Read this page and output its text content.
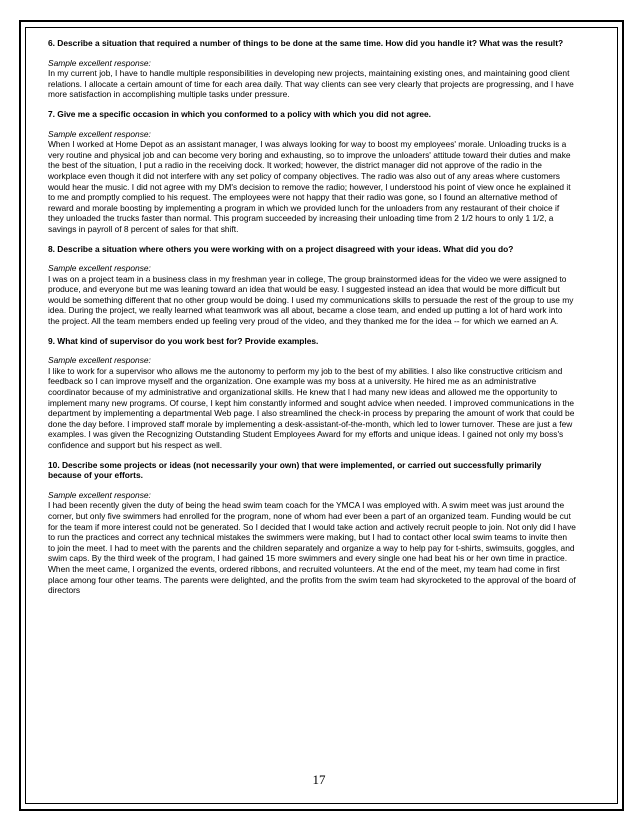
6. Describe a situation that required a number of things to be done at the same time. How did you handle it? What was the result?

Sample excellent response:

In my current job, I have to handle multiple responsibilities in developing new projects, maintaining existing ones, and maintaining good client relations. I allocate a certain amount of time for each area daily. That way clients can see very clearly that projects are progressing, and I have more satisfaction in accomplishing multiple tasks under pressure.

7. Give me a specific occasion in which you conformed to a policy with which you did not agree.

Sample excellent response:

When I worked at Home Depot as an assistant manager, I was always looking for way to boost my employees' morale. Unloading trucks is a very routine and physical job and can become very boring and exhausting, so to improve the unloaders' attitude toward their duties and make the best of the situation, I put a radio in the receiving dock. It worked; however, the district manager did not approve of the radio in the workplace even though it did not interfere with any set policy of company objectives. The radio was also out of any areas where customers would hear the music. I did not agree with my DM's decision to remove the radio; however, I understood his point of view once he explained it to me and promptly complied to his request. The employees were not happy that their radio was gone, so I found an alternative method of reward and morale boosting by implementing a program in which we provided lunch for the unloaders from any restaurant of their choice if they unloaded the trucks faster than normal. This program succeeded by increasing their unloading time from 2 1/2 hours to only 1 1/2, a savings in payroll of 8 percent of sales for that shift.

8. Describe a situation where others you were working with on a project disagreed with your ideas. What did you do?

Sample excellent response:

I was on a project team in a business class in my freshman year in college, The group brainstormed ideas for the video we were assigned to produce, and everyone but me was leaning toward an idea that would be easy. I suggested instead an idea that would be more difficult but would be something different that no other group would be doing. I used my communications skills to persuade the rest of the group to use my idea. During the project, we really learned what teamwork was all about, became a close team, and ended up putting a lot of hard work into the project. All the team members ended up feeling very proud of the video, and they thanked me for the idea -- for which we earned an A.

9. What kind of supervisor do you work best for? Provide examples.

Sample excellent response:

I like to work for a supervisor who allows me the autonomy to perform my job to the best of my abilities. I also like constructive criticism and feedback so I can improve myself and the organization. One example was my boss at a university. He hired me as an administrative coordinator because of my administrative and organizational skills. He knew that I had many new ideas and allowed me the opportunity to implement many new programs. Of course, I kept him constantly informed and sought advice when needed. I improved communications in the department by implementing a departmental Web page. I also streamlined the check-in process by preparing the amount of work that could be done the day before. I improved staff morale by implementing a desk-assistant-of-the-month, which led to lower turnover. These are just a few examples. I was given the Recognizing Outstanding Student Employees Award for my efforts and unique ideas. I gained not only my boss's confidence and support but his respect as well.

10. Describe some projects or ideas (not necessarily your own) that were implemented, or carried out successfully primarily because of your efforts.

Sample excellent response:

I had been recently given the duty of being the head swim team coach for the YMCA I was employed with. A swim meet was just around the corner, but only five swimmers had enrolled for the program, none of whom had ever been a part of an organized team. Funding would be cut for the team if more interest could not be generated. So I decided that I would take action and actively recruit people to join. Not only did I have to run the practices and correct any technical mistakes the swimmers were making, but I had to contact other local swim teams to invite then to join the meet. I had to meet with the parents and the children separately and organize a way to help pay for t-shirts, swimsuits, goggles, and swim caps. By the third week of the program, I had gained 15 more swimmers and every single one had beat his or her own time in practice. When the meet came, I organized the events, ordered ribbons, and recruited volunteers. At the end of the meet, my team had come in first place among four other teams. The parents were delighted, and the profits from the swim team had skyrocketed to the approval of the board of directors

17
